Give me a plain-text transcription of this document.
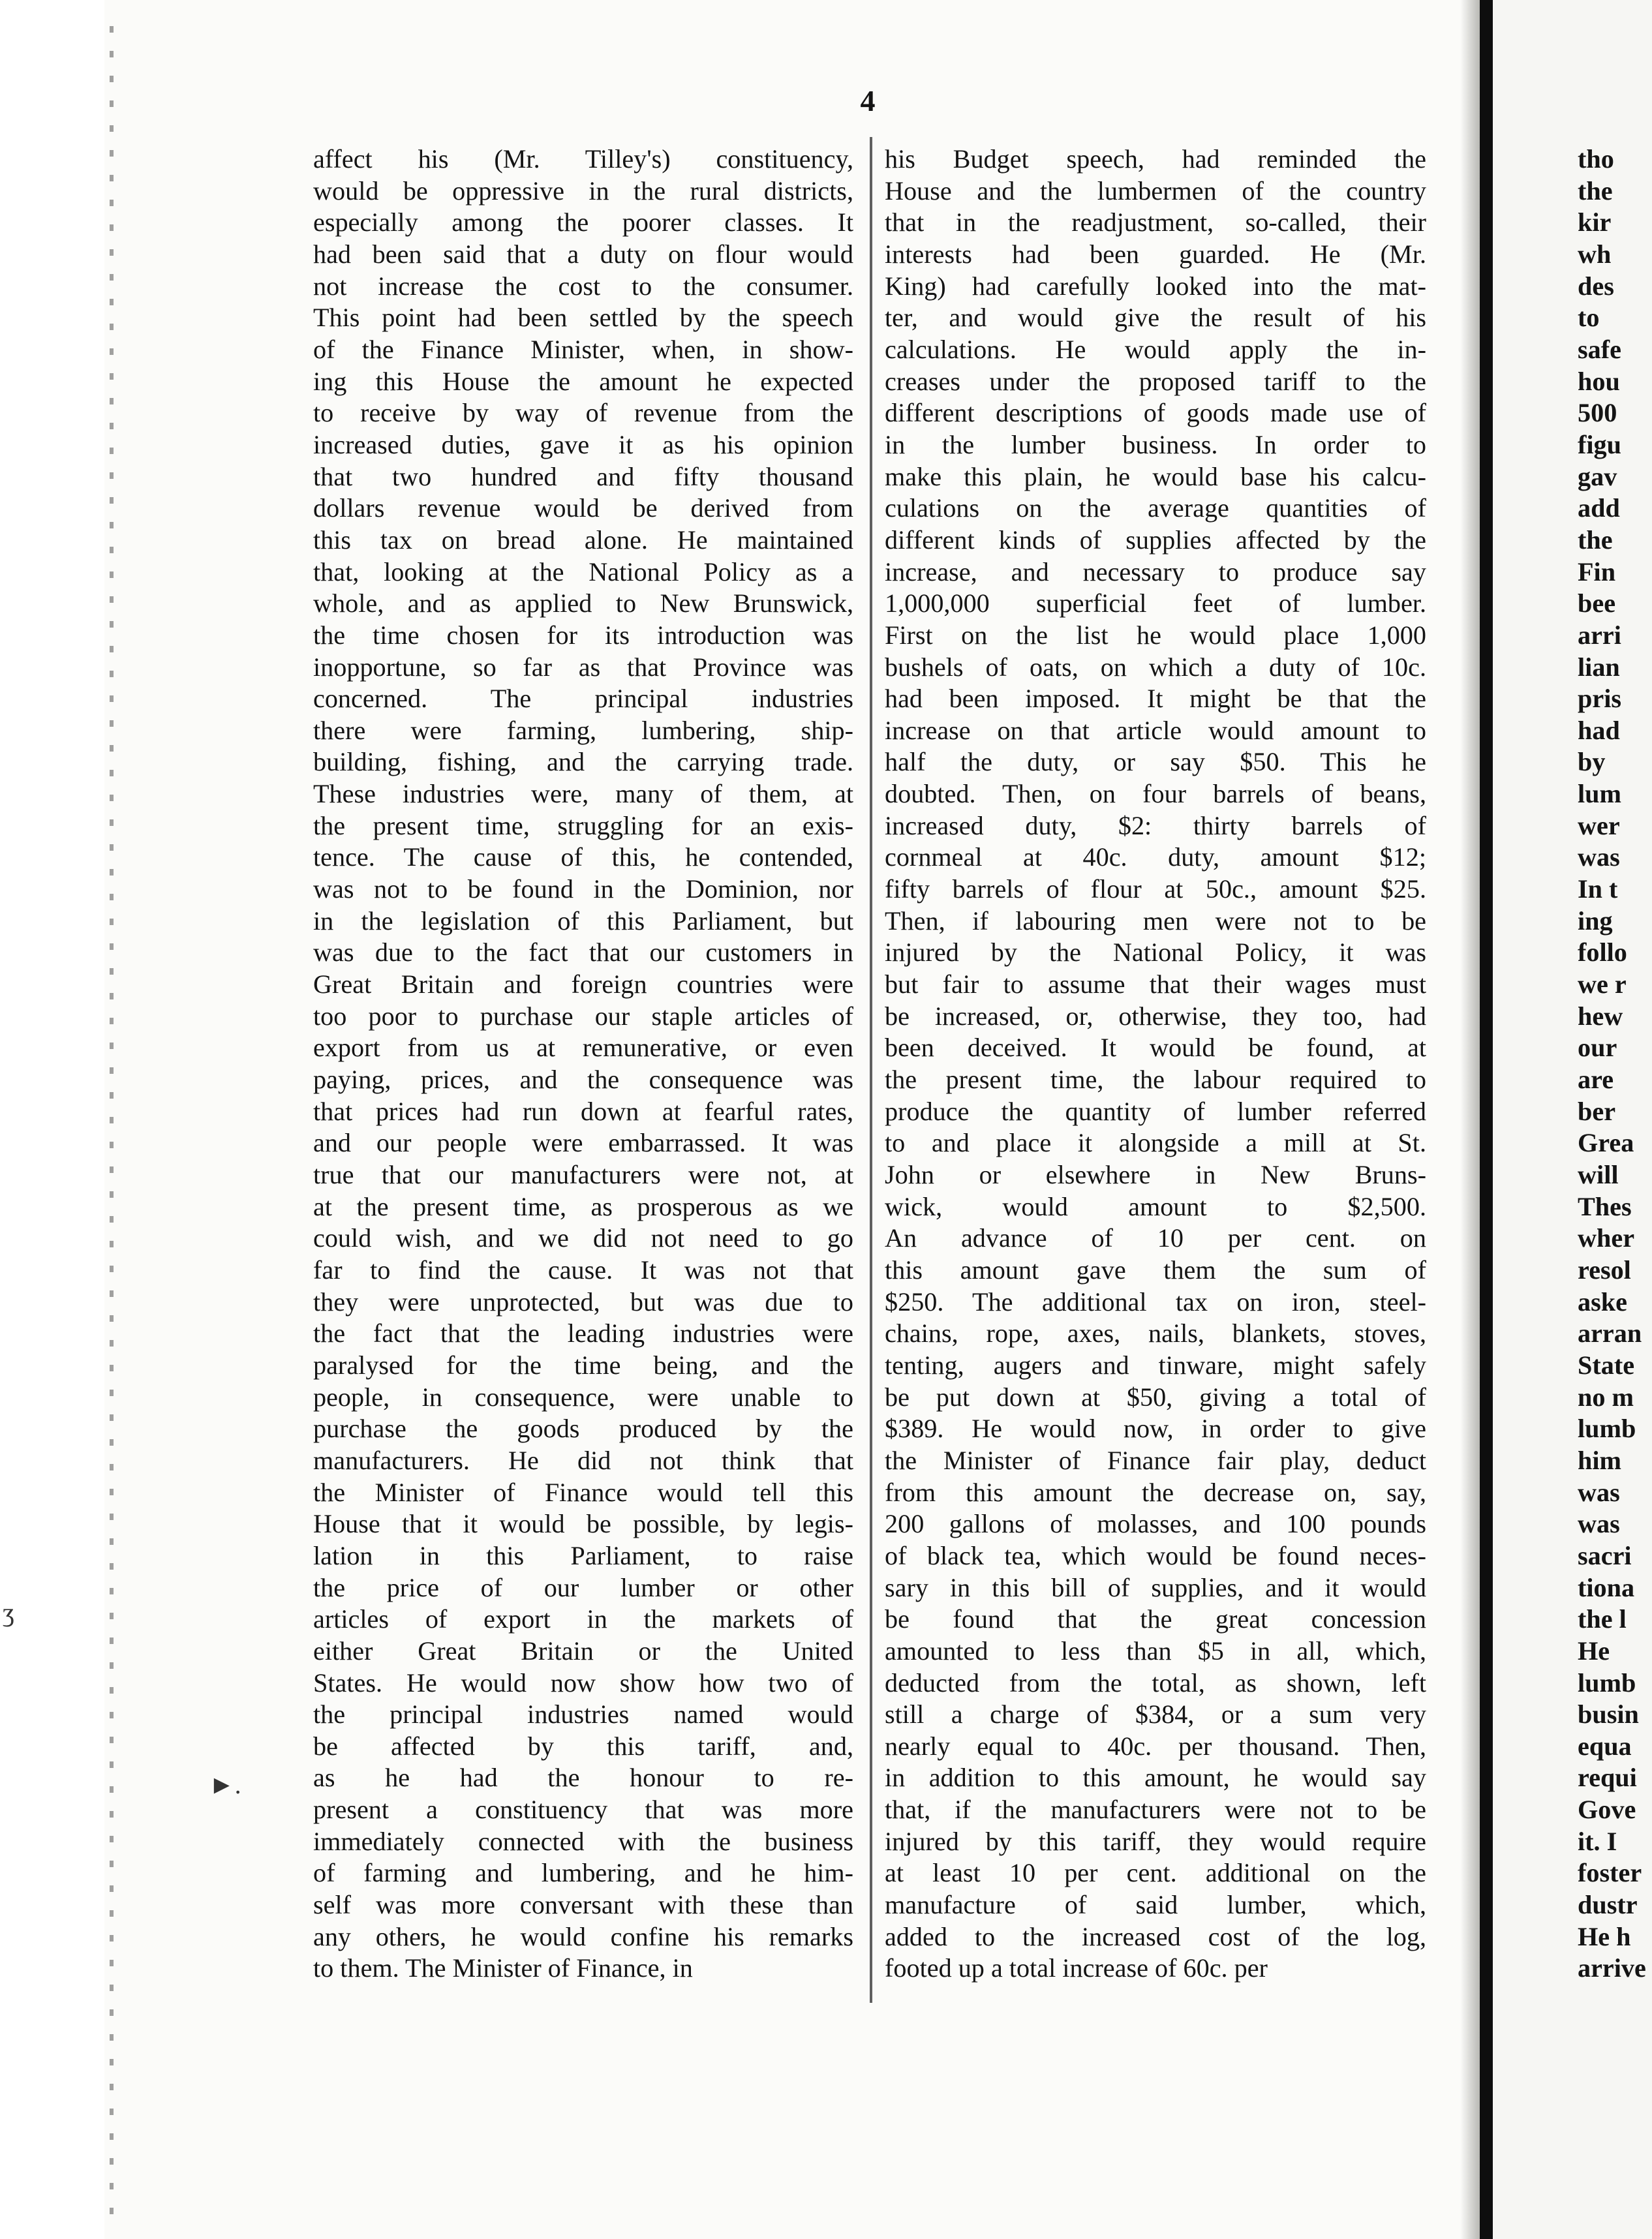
4
affect his (Mr. Tilley's) constituency,
would be oppressive in the rural districts,
especially among the poorer classes. It
had been said that a duty on flour would
not increase the cost to the consumer.
This point had been settled by the speech
of the Finance Minister, when, in show-
ing this House the amount he expected
to receive by way of revenue from the
increased duties, gave it as his opinion
that two hundred and fifty thousand
dollars revenue would be derived from
this tax on bread alone. He maintained
that, looking at the National Policy as a
whole, and as applied to New Brunswick,
the time chosen for its introduction was
inopportune, so far as that Province was
concerned. The principal industries
there were farming, lumbering, ship-
building, fishing, and the carrying trade.
These industries were, many of them, at
the present time, struggling for an exis-
tence. The cause of this, he contended,
was not to be found in the Dominion, nor
in the legislation of this Parliament, but
was due to the fact that our customers in
Great Britain and foreign countries were
too poor to purchase our staple articles of
export from us at remunerative, or even
paying, prices, and the consequence was
that prices had run down at fearful rates,
and our people were embarrassed. It was
true that our manufacturers were not, at
at the present time, as prosperous as we
could wish, and we did not need to go
far to find the cause. It was not that
they were unprotected, but was due to
the fact that the leading industries were
paralysed for the time being, and the
people, in consequence, were unable to
purchase the goods produced by the
manufacturers. He did not think that
the Minister of Finance would tell this
House that it would be possible, by legis-
lation in this Parliament, to raise
the price of our lumber or other
articles of export in the markets of
either Great Britain or the United
States. He would now show how two of
the principal industries named would
be affected by this tariff, and,
as he had the honour to re-
present a constituency that was more
immediately connected with the business
of farming and lumbering, and he him-
self was more conversant with these than
any others, he would confine his remarks
to them. The Minister of Finance, in
his Budget speech, had reminded the
House and the lumbermen of the country
that in the readjustment, so-called, their
interests had been guarded. He (Mr.
King) had carefully looked into the mat-
ter, and would give the result of his
calculations. He would apply the in-
creases under the proposed tariff to the
different descriptions of goods made use of
in the lumber business. In order to
make this plain, he would base his calcu-
culations on the average quantities of
different kinds of supplies affected by the
increase, and necessary to produce say
1,000,000 superficial feet of lumber.
First on the list he would place 1,000
bushels of oats, on which a duty of 10c.
had been imposed. It might be that the
increase on that article would amount to
half the duty, or say $50. This he
doubted. Then, on four barrels of beans,
increased duty, $2: thirty barrels of
cornmeal at 40c. duty, amount $12;
fifty barrels of flour at 50c., amount $25.
Then, if labouring men were not to be
injured by the National Policy, it was
but fair to assume that their wages must
be increased, or, otherwise, they too, had
been deceived. It would be found, at
the present time, the labour required to
produce the quantity of lumber referred
to and place it alongside a mill at St.
John or elsewhere in New Bruns-
wick, would amount to $2,500.
An advance of 10 per cent. on
this amount gave them the sum of
$250. The additional tax on iron, steel-
chains, rope, axes, nails, blankets, stoves,
tenting, augers and tinware, might safely
be put down at $50, giving a total of
$389. He would now, in order to give
the Minister of Finance fair play, deduct
from this amount the decrease on, say,
200 gallons of molasses, and 100 pounds
of black tea, which would be found neces-
sary in this bill of supplies, and it would
be found that the great concession
amounted to less than $5 in all, which,
deducted from the total, as shown, left
still a charge of $384, or a sum very
nearly equal to 40c. per thousand. Then,
in addition to this amount, he would say
that, if the manufacturers were not to be
injured by this tariff, they would require
at least 10 per cent. additional on the
manufacture of said lumber, which,
added to the increased cost of the log,
footed up a total increase of 60c. per
tho
the
kir
wh
des
to
safe
hou
500
figu
gav
add
the
Fin
bee
arri
lian
pris
had
by
lum
wer
was
In t
ing
follo
we r
hew
our
are
ber
Grea
will
Thes
wher
resol
aske
arran
State
no m
lumb
him
was
was
sacri
tiona
the l
He
lumb
busin
equa
requi
Gove
it. I
foster
dustr
He h
arrive
ʒ
►.
